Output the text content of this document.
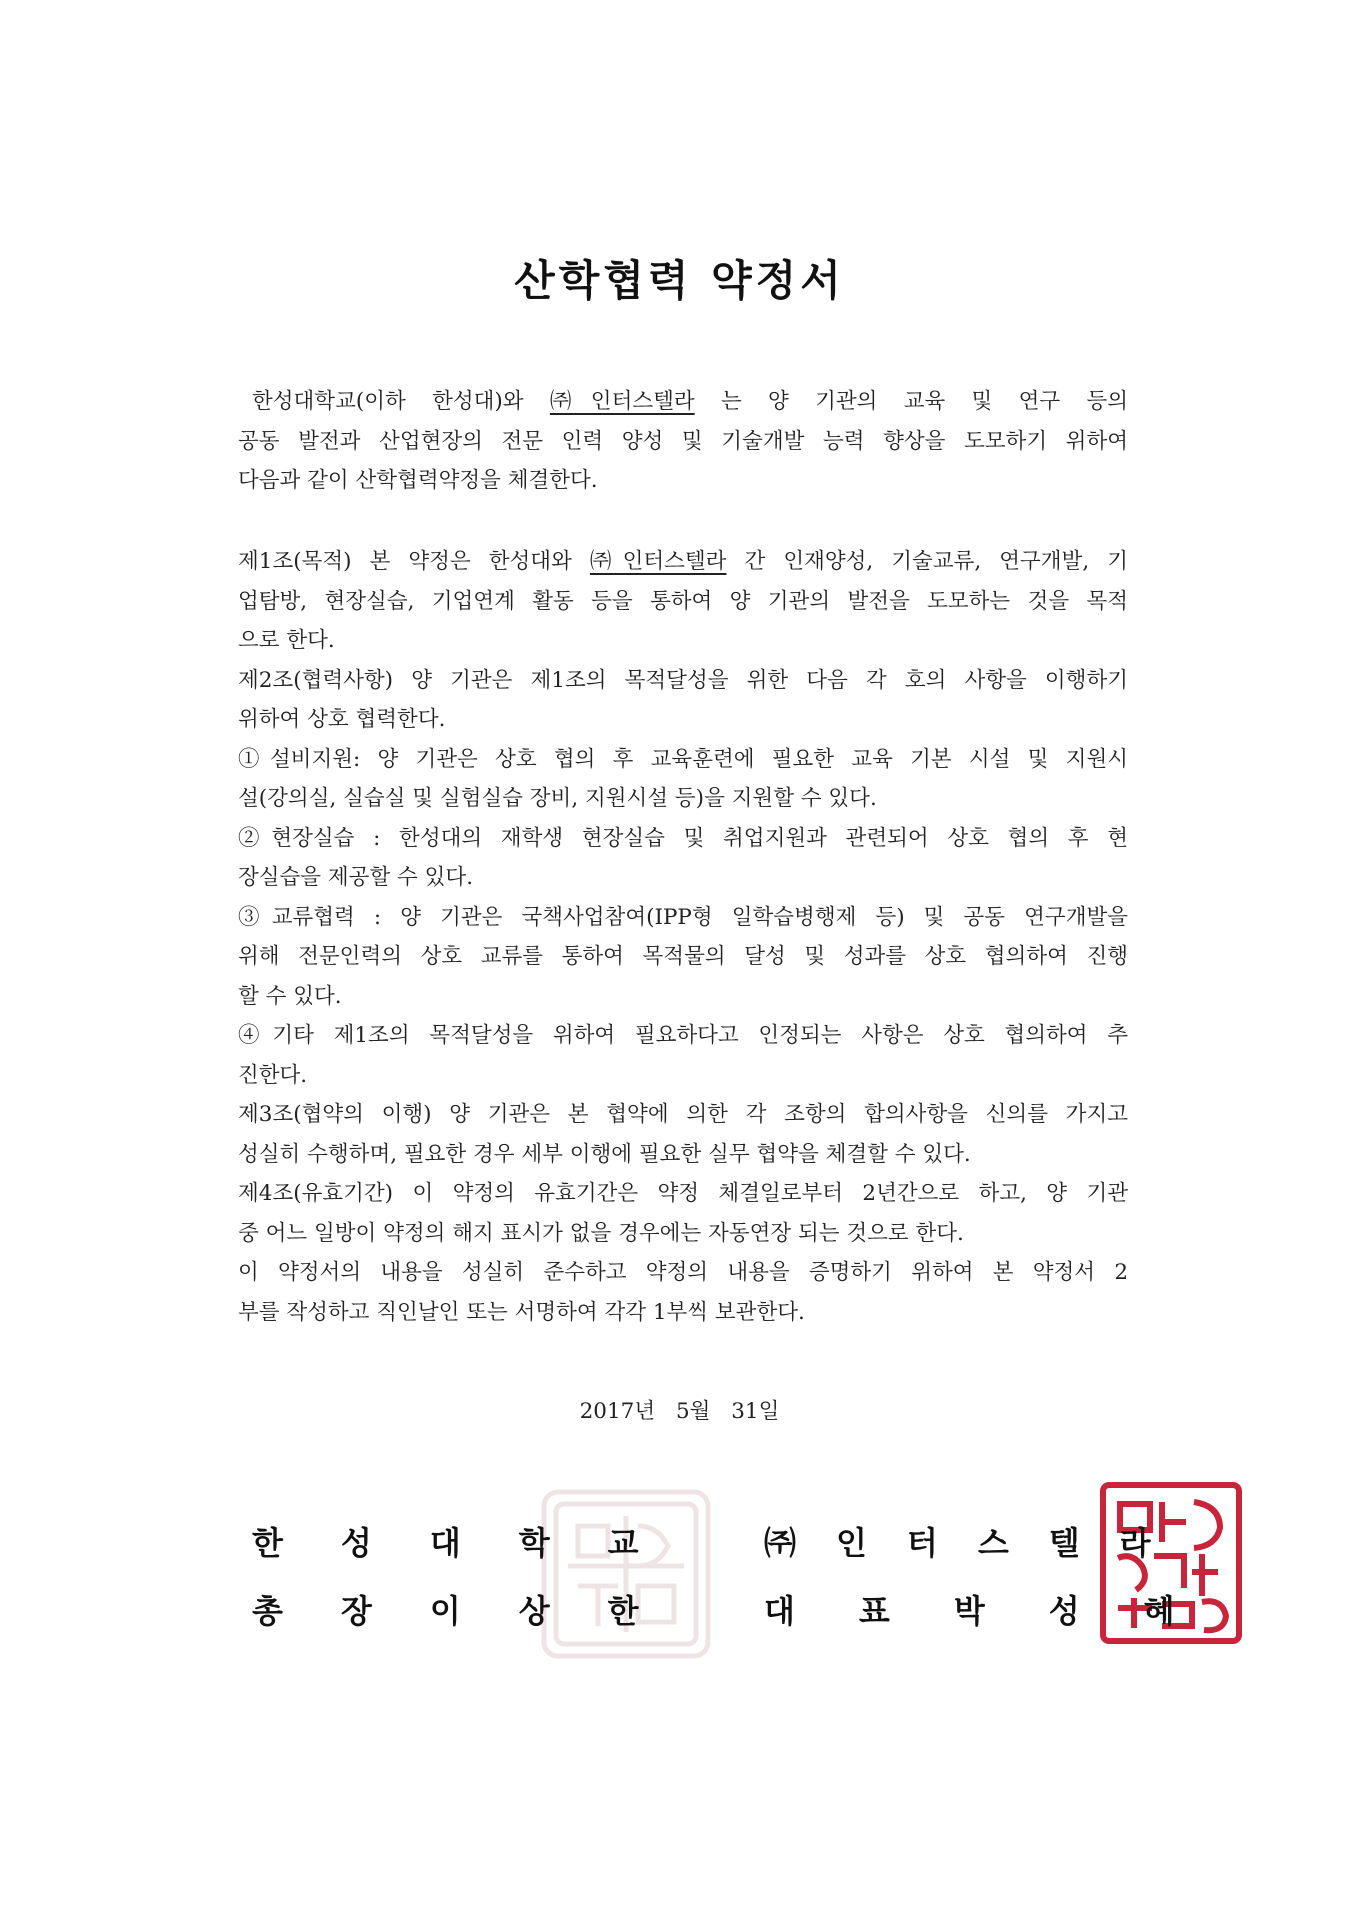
산학협력 약정서
한성대학교(이하 한성대)와 ㈜인터스텔라 는 양 기관의 교육 및 연구 등의
공동 발전과 산업현장의 전문 인력 양성 및 기술개발 능력 향상을 도모하기 위하여
다음과 같이 산학협력약정을 체결한다.
제1조(목적) 본 약정은 한성대와 ㈜인터스텔라 간 인재양성, 기술교류, 연구개발, 기
업탐방, 현장실습, 기업연계 활동 등을 통하여 양 기관의 발전을 도모하는 것을 목적
으로 한다.
제2조(협력사항) 양 기관은 제1조의 목적달성을 위한 다음 각 호의 사항을 이행하기
위하여 상호 협력한다.
①설비지원: 양 기관은 상호 협의 후 교육훈련에 필요한 교육 기본 시설 및 지원시
설(강의실, 실습실 및 실험실습 장비, 지원시설 등)을 지원할 수 있다.
②현장실습 : 한성대의 재학생 현장실습 및 취업지원과 관련되어 상호 협의 후 현
장실습을 제공할 수 있다.
③교류협력 : 양 기관은 국책사업참여(IPP형 일학습병행제 등) 및 공동 연구개발을
위해 전문인력의 상호 교류를 통하여 목적물의 달성 및 성과를 상호 협의하여 진행
할 수 있다.
④기타 제1조의 목적달성을 위하여 필요하다고 인정되는 사항은 상호 협의하여 추
진한다.
제3조(협약의 이행) 양 기관은 본 협약에 의한 각 조항의 합의사항을 신의를 가지고
성실히 수행하며, 필요한 경우 세부 이행에 필요한 실무 협약을 체결할 수 있다.
제4조(유효기간) 이 약정의 유효기간은 약정 체결일로부터 2년간으로 하고, 양 기관
중 어느 일방이 약정의 해지 표시가 없을 경우에는 자동연장 되는 것으로 한다.
이 약정서의 내용을 성실히 준수하고 약정의 내용을 증명하기 위하여 본 약정서 2
부를 작성하고 직인날인 또는 서명하여 각각 1부씩 보관한다.
2017년 5월 31일
한성대학교
총장이상한
㈜인터스텔라
대표박성혜
